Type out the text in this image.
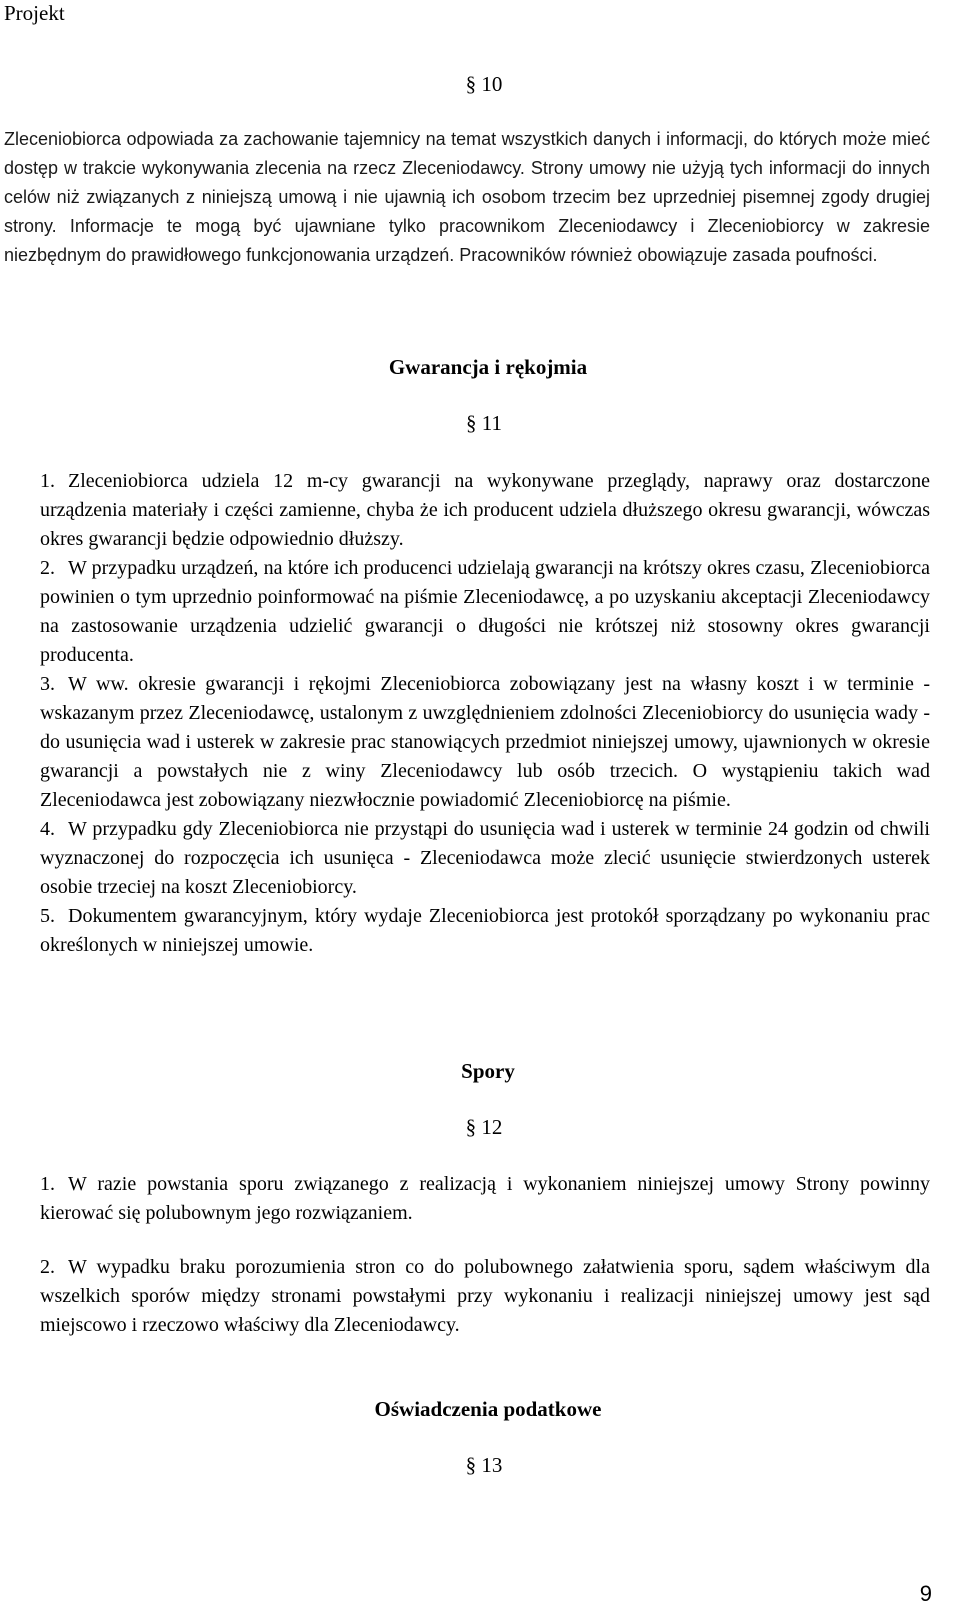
Projekt
§ 10
Zleceniobiorca odpowiada za zachowanie tajemnicy na temat wszystkich danych i informacji, do których może mieć dostęp w trakcie wykonywania zlecenia na rzecz Zleceniodawcy. Strony umowy nie użyją tych informacji do innych celów niż związanych z niniejszą umową i nie ujawnią ich osobom trzecim bez uprzedniej pisemnej zgody drugiej strony. Informacje te mogą być ujawniane tylko pracownikom Zleceniodawcy i Zleceniobiorcy w zakresie niezbędnym do prawidłowego funkcjonowania urządzeń. Pracowników również obowiązuje zasada poufności.
Gwarancja i rękojmia
§ 11

1. Zleceniobiorca udziela 12 m-cy gwarancji na wykonywane przeglądy, naprawy oraz dostarczone urządzenia materiały i części zamienne, chyba że ich producent udziela dłuższego okresu gwarancji, wówczas okres gwarancji będzie odpowiednio dłuższy.

2. W przypadku urządzeń, na które ich producenci udzielają gwarancji na krótszy okres czasu, Zleceniobiorca powinien o tym uprzednio poinformować na piśmie Zleceniodawcę, a po uzyskaniu akceptacji Zleceniodawcy na zastosowanie urządzenia udzielić gwarancji o długości nie krótszej niż stosowny okres gwarancji producenta.

3. W ww. okresie gwarancji i rękojmi Zleceniobiorca zobowiązany jest na własny koszt i w terminie - wskazanym przez Zleceniodawcę, ustalonym z uwzględnieniem zdolności Zleceniobiorcy do usunięcia wady - do usunięcia wad i usterek w zakresie prac stanowiących przedmiot niniejszej umowy, ujawnionych w okresie gwarancji a powstałych nie z winy Zleceniodawcy lub osób trzecich. O wystąpieniu takich wad Zleceniodawca jest zobowiązany niezwłocznie powiadomić Zleceniobiorcę na piśmie.

4. W przypadku gdy Zleceniobiorca nie przystąpi do usunięcia wad i usterek w terminie 24 godzin od chwili wyznaczonej do rozpoczęcia ich usunięca - Zleceniodawca może zlecić usunięcie stwierdzonych usterek osobie trzeciej na koszt Zleceniobiorcy.

5. Dokumentem gwarancyjnym, który wydaje Zleceniobiorca jest protokół sporządzany po wykonaniu prac określonych w niniejszej umowie.

Spory
§ 12

1. W razie powstania sporu związanego z realizacją i wykonaniem niniejszej umowy Strony powinny kierować się polubownym jego rozwiązaniem.

2. W wypadku braku porozumienia stron co do polubownego załatwienia sporu, sądem właściwym dla wszelkich sporów między stronami powstałymi przy wykonaniu i realizacji niniejszej umowy jest sąd miejscowo i rzeczowo właściwy dla Zleceniodawcy.

Oświadczenia podatkowe
§ 13
9
